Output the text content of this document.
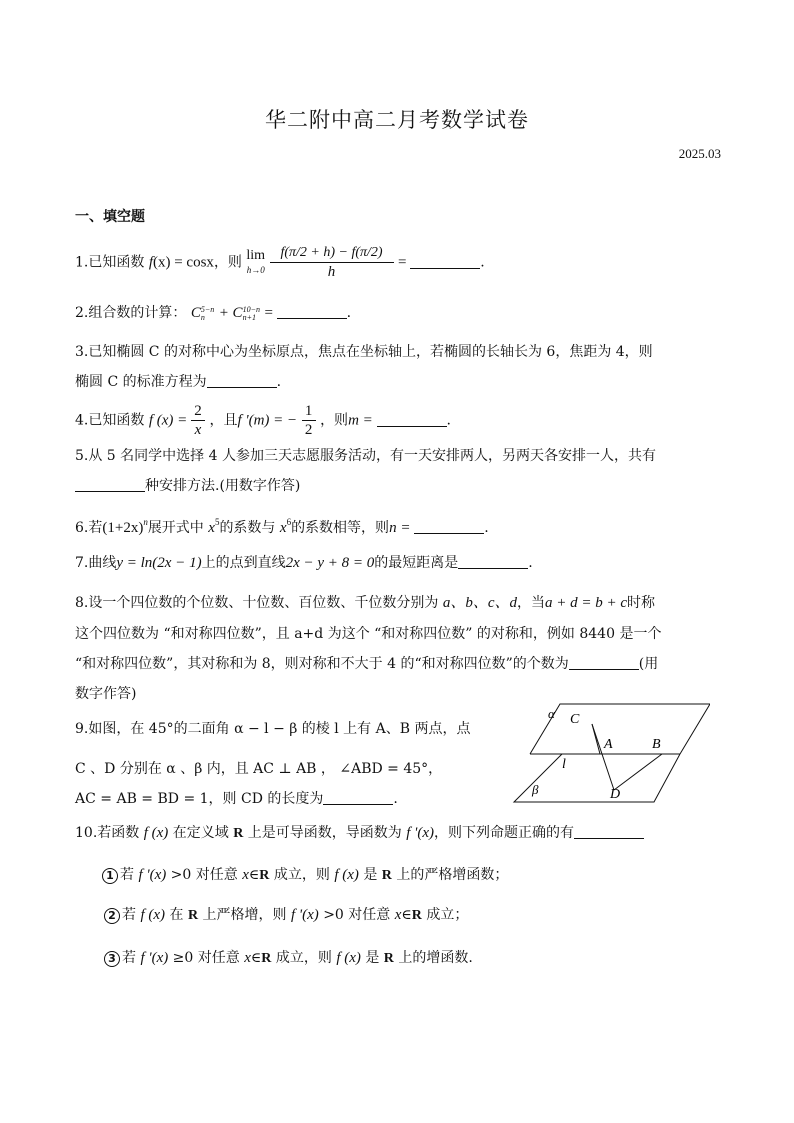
华二附中高二月考数学试卷
2025.03
一、填空题
1.已知函数 f(x) = cosx，则 lim
h→0
$\frac{f(\pi/2 + h) - f(\pi/2)}{h}$ =	.
2.组合数的计算： C 5−n
n + C 10−n
n+1 =	.
3.已知椭圆 C 的对称中心为坐标原点，焦点在坐标轴上，若椭圆的长轴长为 6，焦距为 4，则
椭圆 C 的标准方程为	.
4.已知函数 f $(x) = \frac{2}{x}$ ，且f '(m) = − $\frac{1}{2}$ ，则m =	.
5.从 5 名同学中选择 4 人参加三天志愿服务活动，有一天安排两人，另两天各安排一人，共有
种安排方法.(用数字作答)
6.若$(1+2x)^n$展开式中 $x^5$的系数与 $x^6$的系数相等，则n =	.
7.曲线y = ln(2x − 1)上的点到直线2x − y + 8 = 0的最短距离是	.
8.设一个四位数的个位数、十位数、百位数、千位数分别为 a、b、c、d，当a + d = b + c时称
这个四位数为 “和对称四位数”，且 a+d 为这个 “和对称四位数” 的对称和，例如 8440 是一个
“和对称四位数”，其对称和为 8，则对称和不大于 4 的“和对称四位数”的个数为	(用
数字作答)
9.如图，在 45°的二面角 α − l − β 的棱 l 上有 A、B 两点，点
C 、D 分别在 α 、β 内，且 AC ⊥ AB ， ∠ABD = 45°，
AC = AB = BD = 1，则 CD 的长度为	.
α C
A	B
l
β	D
10.若函数 f (x) 在定义域 R 上是可导函数，导函数为 f '(x)，则下列命题正确的有
1 若 f '(x) >0 对任意 x∈R 成立，则 f (x) 是 R 上的严格增函数；
2 若 f (x) 在 R 上严格增，则 f '(x) >0 对任意 x∈R 成立；
3 若 f '(x) ≥0 对任意 x∈R 成立，则 f (x) 是 R 上的增函数.
